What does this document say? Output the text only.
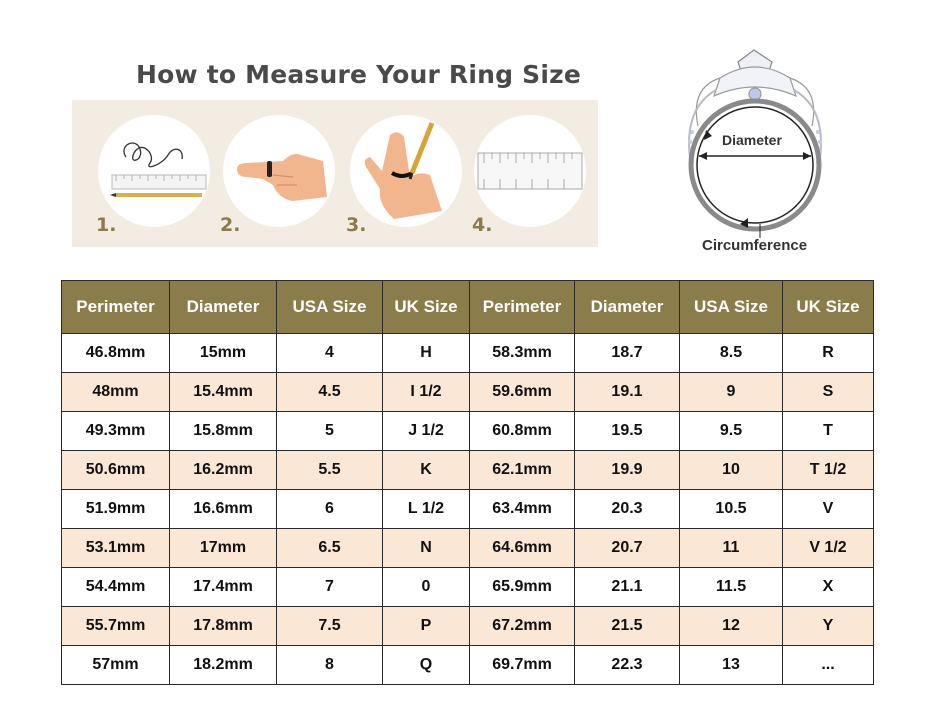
How to Measure Your Ring Size
1.	2.	3.	4.
Diameter
Circumference
Perimeter	Diameter	USA Size	UK Size	Perimeter	Diameter	USA Size	UK Size
46.8mm	15mm	4	H	58.3mm	18.7	8.5	R
48mm	15.4mm	4.5	I 1/2	59.6mm	19.1	9	S
49.3mm	15.8mm	5	J 1/2	60.8mm	19.5	9.5	T
50.6mm	16.2mm	5.5	K	62.1mm	19.9	10	T 1/2
51.9mm	16.6mm	6	L 1/2	63.4mm	20.3	10.5	V
53.1mm	17mm	6.5	N	64.6mm	20.7	11	V 1/2
54.4mm	17.4mm	7	0	65.9mm	21.1	11.5	X
55.7mm	17.8mm	7.5	P	67.2mm	21.5	12	Y
57mm	18.2mm	8	Q	69.7mm	22.3	13	...
